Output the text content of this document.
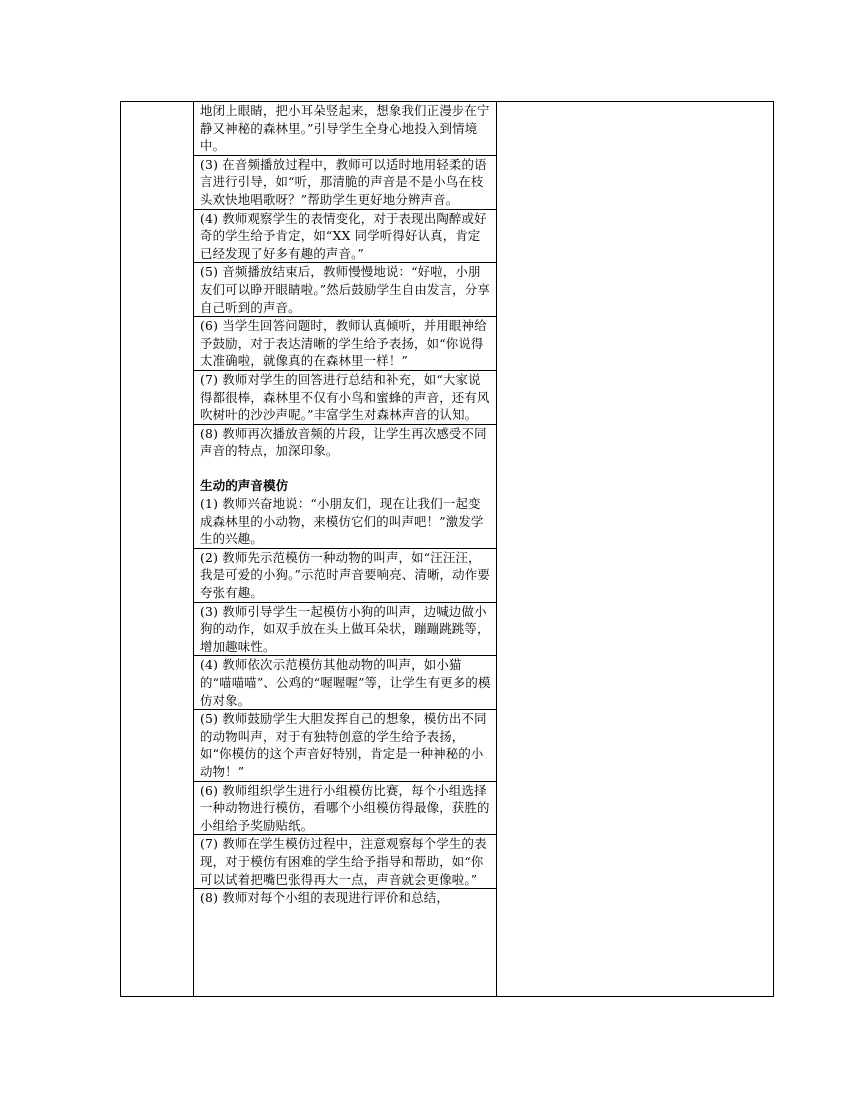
地闭上眼睛，把小耳朵竖起来，想象我们正漫步在宁静又神秘的森林里。”引导学生全身心地投入到情境中。
(3) 在音频播放过程中，教师可以适时地用轻柔的语言进行引导，如“听，那清脆的声音是不是小鸟在枝头欢快地唱歌呀？”帮助学生更好地分辨声音。
(4) 教师观察学生的表情变化，对于表现出陶醉或好奇的学生给予肯定，如“XX 同学听得好认真，肯定已经发现了好多有趣的声音。”
(5) 音频播放结束后，教师慢慢地说：“好啦，小朋友们可以睁开眼睛啦。”然后鼓励学生自由发言，分享自己听到的声音。
(6) 当学生回答问题时，教师认真倾听，并用眼神给予鼓励，对于表达清晰的学生给予表扬，如“你说得太准确啦，就像真的在森林里一样！”
(7) 教师对学生的回答进行总结和补充，如“大家说得都很棒，森林里不仅有小鸟和蜜蜂的声音，还有风吹树叶的沙沙声呢。”丰富学生对森林声音的认知。
(8) 教师再次播放音频的片段，让学生再次感受不同声音的特点，加深印象。
生动的声音模仿
(1) 教师兴奋地说：“小朋友们，现在让我们一起变成森林里的小动物，来模仿它们的叫声吧！”激发学生的兴趣。
(2) 教师先示范模仿一种动物的叫声，如“汪汪汪，我是可爱的小狗。”示范时声音要响亮、清晰，动作要夸张有趣。
(3) 教师引导学生一起模仿小狗的叫声，边喊边做小狗的动作，如双手放在头上做耳朵状，蹦蹦跳跳等，增加趣味性。
(4) 教师依次示范模仿其他动物的叫声，如小猫的“喵喵喵”、公鸡的“喔喔喔”等，让学生有更多的模仿对象。
(5) 教师鼓励学生大胆发挥自己的想象，模仿出不同的动物叫声，对于有独特创意的学生给予表扬，如“你模仿的这个声音好特别，肯定是一种神秘的小动物！”
(6) 教师组织学生进行小组模仿比赛，每个小组选择一种动物进行模仿，看哪个小组模仿得最像，获胜的小组给予奖励贴纸。
(7) 教师在学生模仿过程中，注意观察每个学生的表现，对于模仿有困难的学生给予指导和帮助，如“你可以试着把嘴巴张得再大一点，声音就会更像啦。”
(8) 教师对每个小组的表现进行评价和总结，
